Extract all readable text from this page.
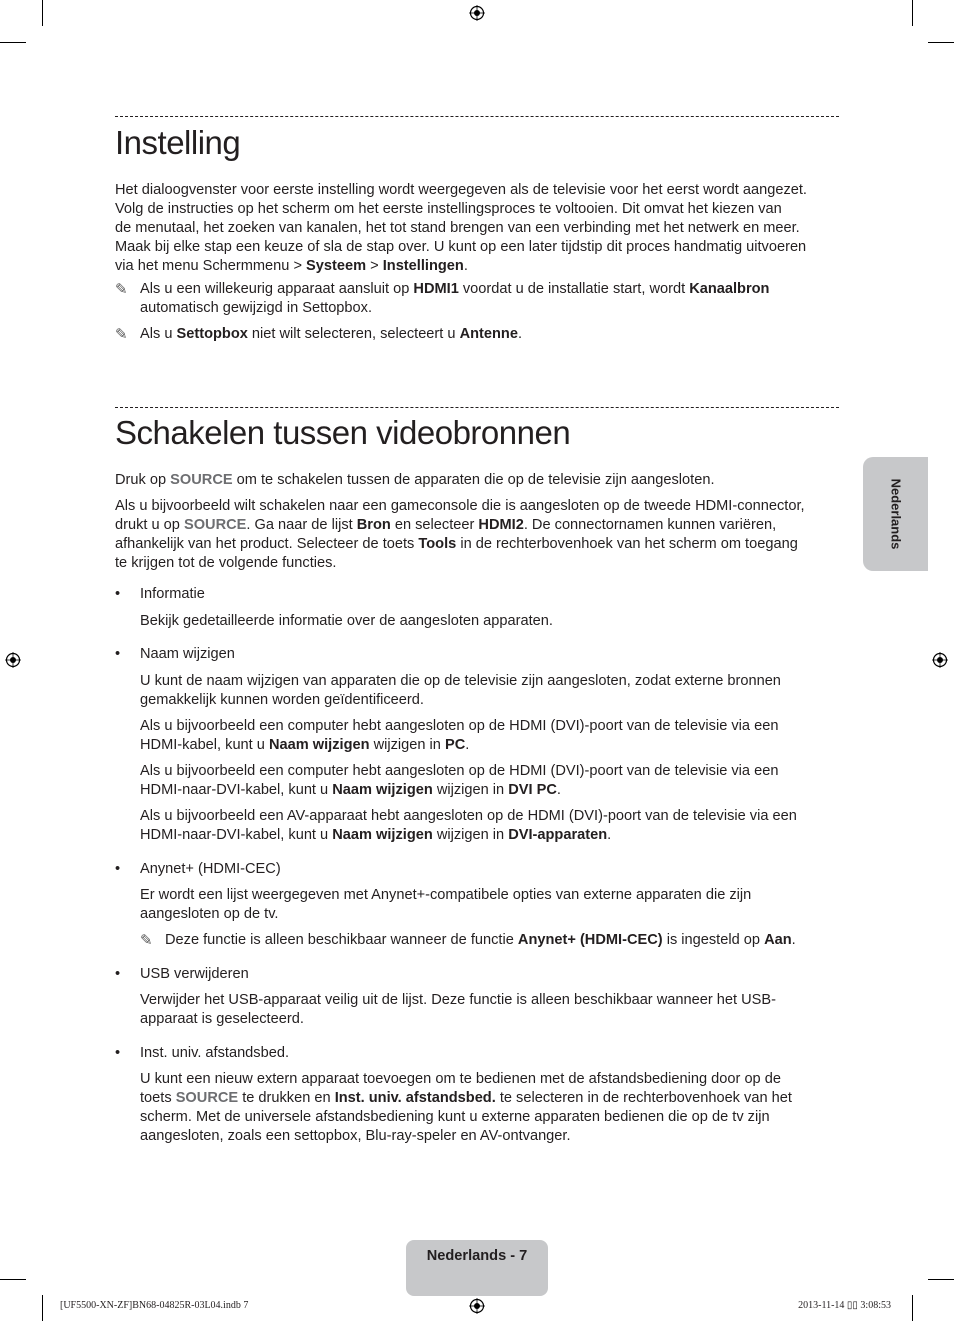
Instelling
Het dialoogvenster voor eerste instelling wordt weergegeven als de televisie voor het eerst wordt aangezet.
Volg de instructies op het scherm om het eerste instellingsproces te voltooien. Dit omvat het kiezen van
de menutaal, het zoeken van kanalen, het tot stand brengen van een verbinding met het netwerk en meer.
Maak bij elke stap een keuze of sla de stap over. U kunt op een later tijdstip dit proces handmatig uitvoeren
via het menu Schermmenu > Systeem > Instellingen.
✎ Als u een willekeurig apparaat aansluit op HDMI1 voordat u de installatie start, wordt Kanaalbron
automatisch gewijzigd in Settopbox.
✎ Als u Settopbox niet wilt selecteren, selecteert u Antenne.
Schakelen tussen videobronnen
Druk op SOURCE om te schakelen tussen de apparaten die op de televisie zijn aangesloten.
Als u bijvoorbeeld wilt schakelen naar een gameconsole die is aangesloten op de tweede HDMI-connector,
drukt u op SOURCE. Ga naar de lijst Bron en selecteer HDMI2. De connectornamen kunnen variëren,
afhankelijk van het product. Selecteer de toets Tools in de rechterbovenhoek van het scherm om toegang
te krijgen tot de volgende functies.
• Informatie
Bekijk gedetailleerde informatie over de aangesloten apparaten.
• Naam wijzigen
U kunt de naam wijzigen van apparaten die op de televisie zijn aangesloten, zodat externe bronnen
gemakkelijk kunnen worden geïdentificeerd.
Als u bijvoorbeeld een computer hebt aangesloten op de HDMI (DVI)-poort van de televisie via een
HDMI-kabel, kunt u Naam wijzigen wijzigen in PC.
Als u bijvoorbeeld een computer hebt aangesloten op de HDMI (DVI)-poort van de televisie via een
HDMI-naar-DVI-kabel, kunt u Naam wijzigen wijzigen in DVI PC.
Als u bijvoorbeeld een AV-apparaat hebt aangesloten op de HDMI (DVI)-poort van de televisie via een
HDMI-naar-DVI-kabel, kunt u Naam wijzigen wijzigen in DVI-apparaten.
• Anynet+ (HDMI-CEC)
Er wordt een lijst weergegeven met Anynet+-compatibele opties van externe apparaten die zijn
aangesloten op de tv.
✎ Deze functie is alleen beschikbaar wanneer de functie Anynet+ (HDMI-CEC) is ingesteld op Aan.
• USB verwijderen
Verwijder het USB-apparaat veilig uit de lijst. Deze functie is alleen beschikbaar wanneer het USB-
apparaat is geselecteerd.
• Inst. univ. afstandsbed.
U kunt een nieuw extern apparaat toevoegen om te bedienen met de afstandsbediening door op de
toets SOURCE te drukken en Inst. univ. afstandsbed. te selecteren in de rechterbovenhoek van het
scherm. Met de universele afstandsbediening kunt u externe apparaten bedienen die op de tv zijn
aangesloten, zoals een settopbox, Blu-ray-speler en AV-ontvanger.
Nederlands
Nederlands - 7
[UF5500-XN-ZF]BN68-04825R-03L04.indb 7	2013-11-14 ▯▯ 3:08:53
